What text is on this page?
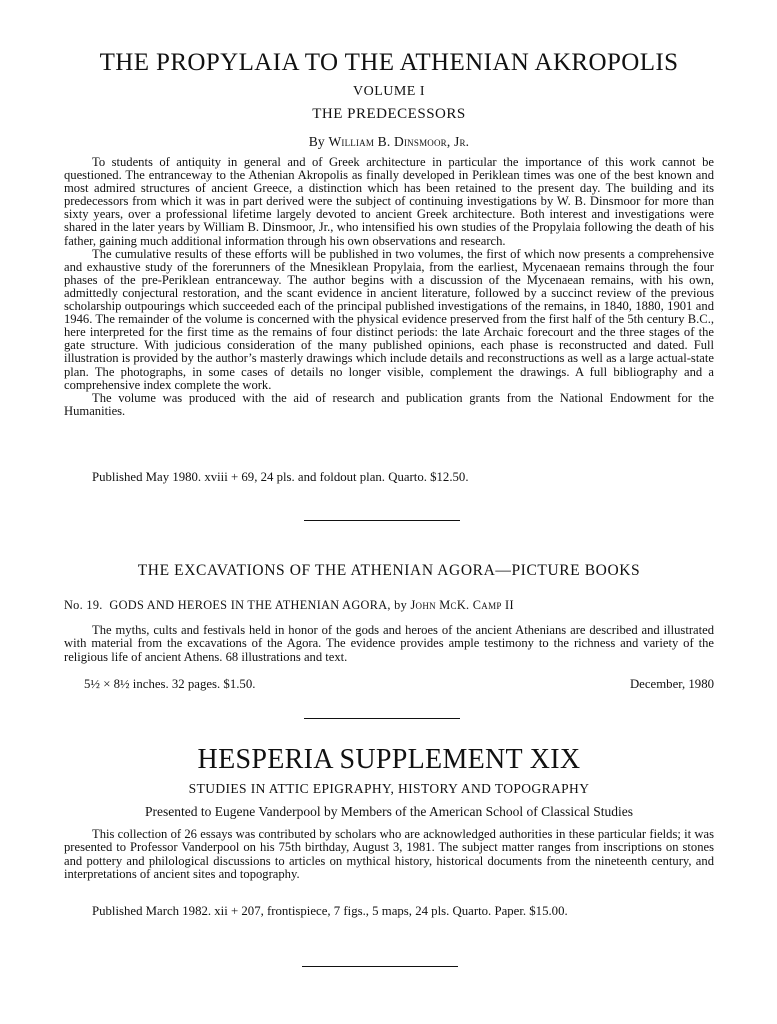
THE PROPYLAIA TO THE ATHENIAN AKROPOLIS
VOLUME I
THE PREDECESSORS
By William B. Dinsmoor, Jr.

To students of antiquity in general and of Greek architecture in particular the importance of this work cannot be questioned. The entranceway to the Athenian Akropolis as finally developed in Periklean times was one of the best known and most admired structures of ancient Greece, a distinction which has been retained to the present day. The building and its predecessors from which it was in part derived were the subject of continuing investigations by W. B. Dinsmoor for more than sixty years, over a professional lifetime largely devoted to ancient Greek architecture. Both interest and investigations were shared in the later years by William B. Dinsmoor, Jr., who intensified his own studies of the Propylaia following the death of his father, gaining much additional information through his own observations and research.

The cumulative results of these efforts will be published in two volumes, the first of which now presents a comprehensive and exhaustive study of the forerunners of the Mnesiklean Propylaia, from the earliest, Mycenaean remains through the four phases of the pre-Periklean entranceway. The author begins with a discussion of the Mycenaean remains, with his own, admittedly conjectural restoration, and the scant evidence in ancient literature, followed by a succinct review of the previous scholarship outpourings which succeeded each of the principal published investigations of the remains, in 1840, 1880, 1901 and 1946. The remainder of the volume is concerned with the physical evidence preserved from the first half of the 5th century B.C., here interpreted for the first time as the remains of four distinct periods: the late Archaic forecourt and the three stages of the gate structure. With judicious consideration of the many published opinions, each phase is reconstructed and dated. Full illustration is provided by the author’s masterly drawings which include details and reconstructions as well as a large actual-state plan. The photographs, in some cases of details no longer visible, complement the drawings. A full bibliography and a comprehensive index complete the work.

The volume was produced with the aid of research and publication grants from the National Endowment for the Humanities.

Published May 1980. xviii + 69, 24 pls. and foldout plan. Quarto. $12.50.
THE EXCAVATIONS OF THE ATHENIAN AGORA—PICTURE BOOKS
No. 19. GODS AND HEROES IN THE ATHENIAN AGORA, by John McK. Camp II

The myths, cults and festivals held in honor of the gods and heroes of the ancient Athenians are described and illustrated with material from the excavations of the Agora. The evidence provides ample testimony to the richness and variety of the religious life of ancient Athens. 68 illustrations and text.

5½ × 8½ inches. 32 pages. $1.50.	December, 1980
HESPERIA SUPPLEMENT XIX
STUDIES IN ATTIC EPIGRAPHY, HISTORY AND TOPOGRAPHY
Presented to Eugene Vanderpool by Members of the American School of Classical Studies

This collection of 26 essays was contributed by scholars who are acknowledged authorities in these particular fields; it was presented to Professor Vanderpool on his 75th birthday, August 3, 1981. The subject matter ranges from inscriptions on stones and pottery and philological discussions to articles on mythical history, historical documents from the nineteenth century, and interpretations of ancient sites and topography.

Published March 1982. xii + 207, frontispiece, 7 figs., 5 maps, 24 pls. Quarto. Paper. $15.00.
